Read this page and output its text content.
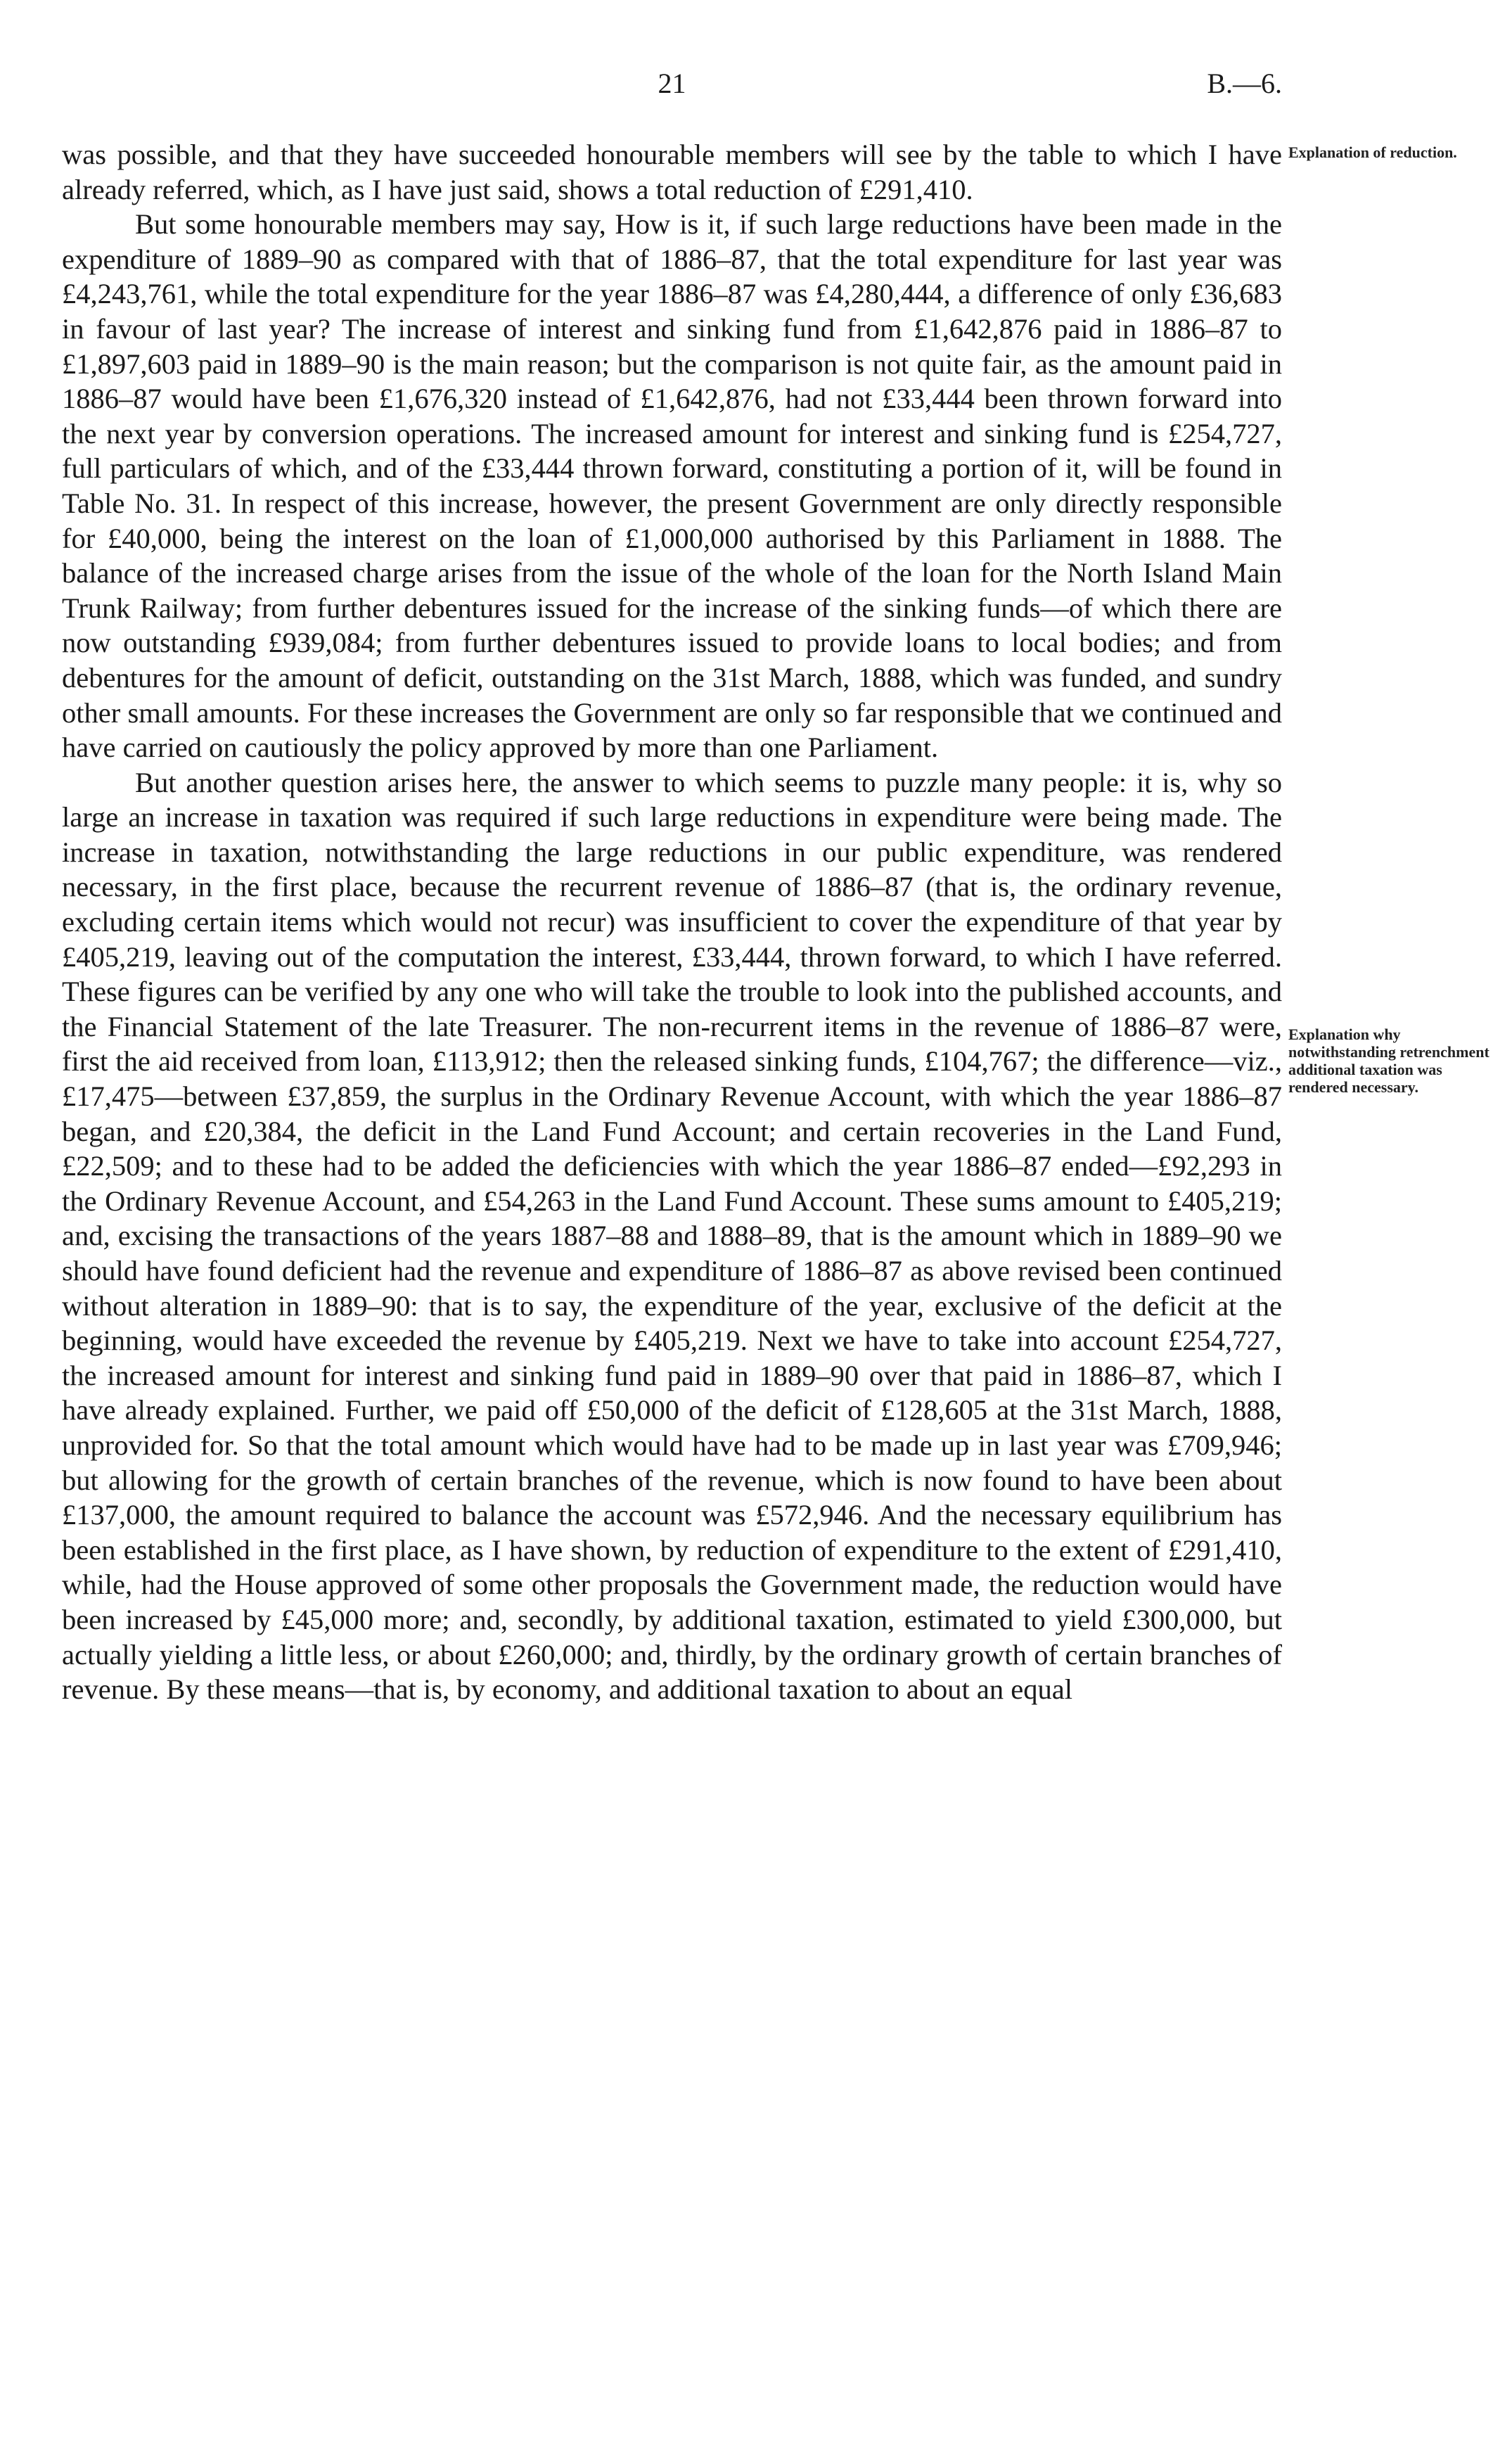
21	B.—6.
Explanation of reduction.
Explanation why notwithstanding retrenchment additional taxation was rendered necessary.

was possible, and that they have succeeded honourable members will see by the table to which I have already referred, which, as I have just said, shows a total reduction of £291,410.

But some honourable members may say, How is it, if such large reductions have been made in the expenditure of 1889–90 as compared with that of 1886–87, that the total expenditure for last year was £4,243,761, while the total expenditure for the year 1886–87 was £4,280,444, a difference of only £36,683 in favour of last year? The increase of interest and sinking fund from £1,642,876 paid in 1886–87 to £1,897,603 paid in 1889–90 is the main reason; but the comparison is not quite fair, as the amount paid in 1886–87 would have been £1,676,320 instead of £1,642,876, had not £33,444 been thrown forward into the next year by conversion operations. The increased amount for interest and sinking fund is £254,727, full particulars of which, and of the £33,444 thrown forward, constituting a portion of it, will be found in Table No. 31. In respect of this increase, however, the present Government are only directly responsible for £40,000, being the interest on the loan of £1,000,000 authorised by this Parliament in 1888. The balance of the increased charge arises from the issue of the whole of the loan for the North Island Main Trunk Railway; from further debentures issued for the increase of the sinking funds—of which there are now outstanding £939,084; from further debentures issued to provide loans to local bodies; and from debentures for the amount of deficit, outstanding on the 31st March, 1888, which was funded, and sundry other small amounts. For these increases the Government are only so far responsible that we continued and have carried on cautiously the policy approved by more than one Parliament.

But another question arises here, the answer to which seems to puzzle many people: it is, why so large an increase in taxation was required if such large reductions in expenditure were being made. The increase in taxation, notwithstanding the large reductions in our public expenditure, was rendered necessary, in the first place, because the recurrent revenue of 1886–87 (that is, the ordinary revenue, excluding certain items which would not recur) was insufficient to cover the expenditure of that year by £405,219, leaving out of the computation the interest, £33,444, thrown forward, to which I have referred. These figures can be verified by any one who will take the trouble to look into the published accounts, and the Financial Statement of the late Treasurer. The non-recurrent items in the revenue of 1886–87 were, first the aid received from loan, £113,912; then the released sinking funds, £104,767; the difference—viz., £17,475—between £37,859, the surplus in the Ordinary Revenue Account, with which the year 1886–87 began, and £20,384, the deficit in the Land Fund Account; and certain recoveries in the Land Fund, £22,509; and to these had to be added the deficiencies with which the year 1886–87 ended—£92,293 in the Ordinary Revenue Account, and £54,263 in the Land Fund Account. These sums amount to £405,219; and, excising the transactions of the years 1887–88 and 1888–89, that is the amount which in 1889–90 we should have found deficient had the revenue and expenditure of 1886–87 as above revised been continued without alteration in 1889–90: that is to say, the expenditure of the year, exclusive of the deficit at the beginning, would have exceeded the revenue by £405,219. Next we have to take into account £254,727, the increased amount for interest and sinking fund paid in 1889–90 over that paid in 1886–87, which I have already explained. Further, we paid off £50,000 of the deficit of £128,605 at the 31st March, 1888, unprovided for. So that the total amount which would have had to be made up in last year was £709,946; but allowing for the growth of certain branches of the revenue, which is now found to have been about £137,000, the amount required to balance the account was £572,946. And the necessary equilibrium has been established in the first place, as I have shown, by reduction of expenditure to the extent of £291,410, while, had the House approved of some other proposals the Government made, the reduction would have been increased by £45,000 more; and, secondly, by additional taxation, estimated to yield £300,000, but actually yielding a little less, or about £260,000; and, thirdly, by the ordinary growth of certain branches of revenue. By these means—that is, by economy, and additional taxation to about an equal
